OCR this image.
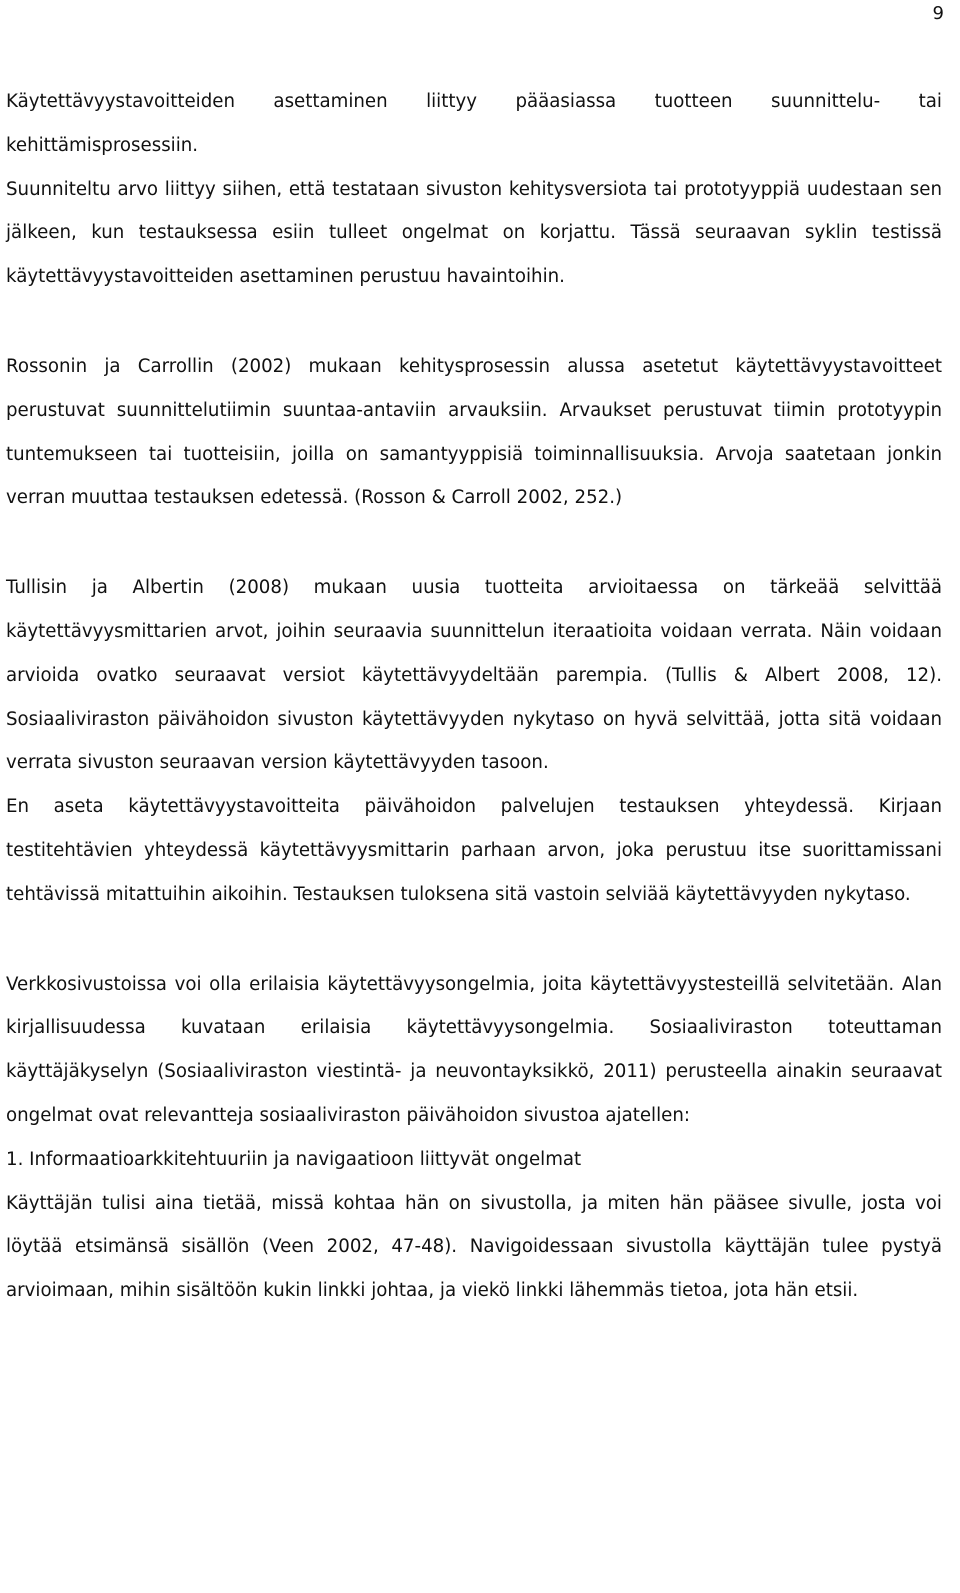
9

Käytettävyystavoitteiden asettaminen liittyy pääasiassa tuotteen suunnittelu- tai kehittämisprosessiin.

Suunniteltu arvo liittyy siihen, että testataan sivuston kehitysversiota tai prototyyppiä uudestaan sen jälkeen, kun testauksessa esiin tulleet ongelmat on korjattu. Tässä seuraavan syklin testissä käytettävyystavoitteiden asettaminen perustuu havaintoihin.

Rossonin ja Carrollin (2002) mukaan kehitysprosessin alussa asetetut käytettävyystavoitteet perustuvat suunnittelutiimin suuntaa-antaviin arvauksiin. Arvaukset perustuvat tiimin prototyypin tuntemukseen tai tuotteisiin, joilla on samantyyppisiä toiminnallisuuksia. Arvoja saatetaan jonkin verran muuttaa testauksen edetessä. (Rosson & Carroll 2002, 252.)

Tullisin ja Albertin (2008) mukaan uusia tuotteita arvioitaessa on tärkeää selvittää käytettävyysmittarien arvot, joihin seuraavia suunnittelun iteraatioita voidaan verrata. Näin voidaan arvioida ovatko seuraavat versiot käytettävyydeltään parempia. (Tullis & Albert 2008, 12). Sosiaaliviraston päivähoidon sivuston käytettävyyden nykytaso on hyvä selvittää, jotta sitä voidaan verrata sivuston seuraavan version käytettävyyden tasoon.

En aseta käytettävyystavoitteita päivähoidon palvelujen testauksen yhteydessä. Kirjaan testitehtävien yhteydessä käytettävyysmittarin parhaan arvon, joka perustuu itse suorittamissani tehtävissä mitattuihin aikoihin. Testauksen tuloksena sitä vastoin selviää käytettävyyden nykytaso.

Verkkosivustoissa voi olla erilaisia käytettävyysongelmia, joita käytettävyystesteillä selvitetään. Alan kirjallisuudessa kuvataan erilaisia käytettävyysongelmia. Sosiaaliviraston toteuttaman käyttäjäkyselyn (Sosiaaliviraston viestintä- ja neuvontayksikkö, 2011) perusteella ainakin seuraavat ongelmat ovat relevantteja sosiaaliviraston päivähoidon sivustoa ajatellen:

1. Informaatioarkkitehtuuriin ja navigaatioon liittyvät ongelmat

Käyttäjän tulisi aina tietää, missä kohtaa hän on sivustolla, ja miten hän pääsee sivulle, josta voi löytää etsimänsä sisällön (Veen 2002, 47-48). Navigoidessaan sivustolla käyttäjän tulee pystyä arvioimaan, mihin sisältöön kukin linkki johtaa, ja viekö linkki lähemmäs tietoa, jota hän etsii.
